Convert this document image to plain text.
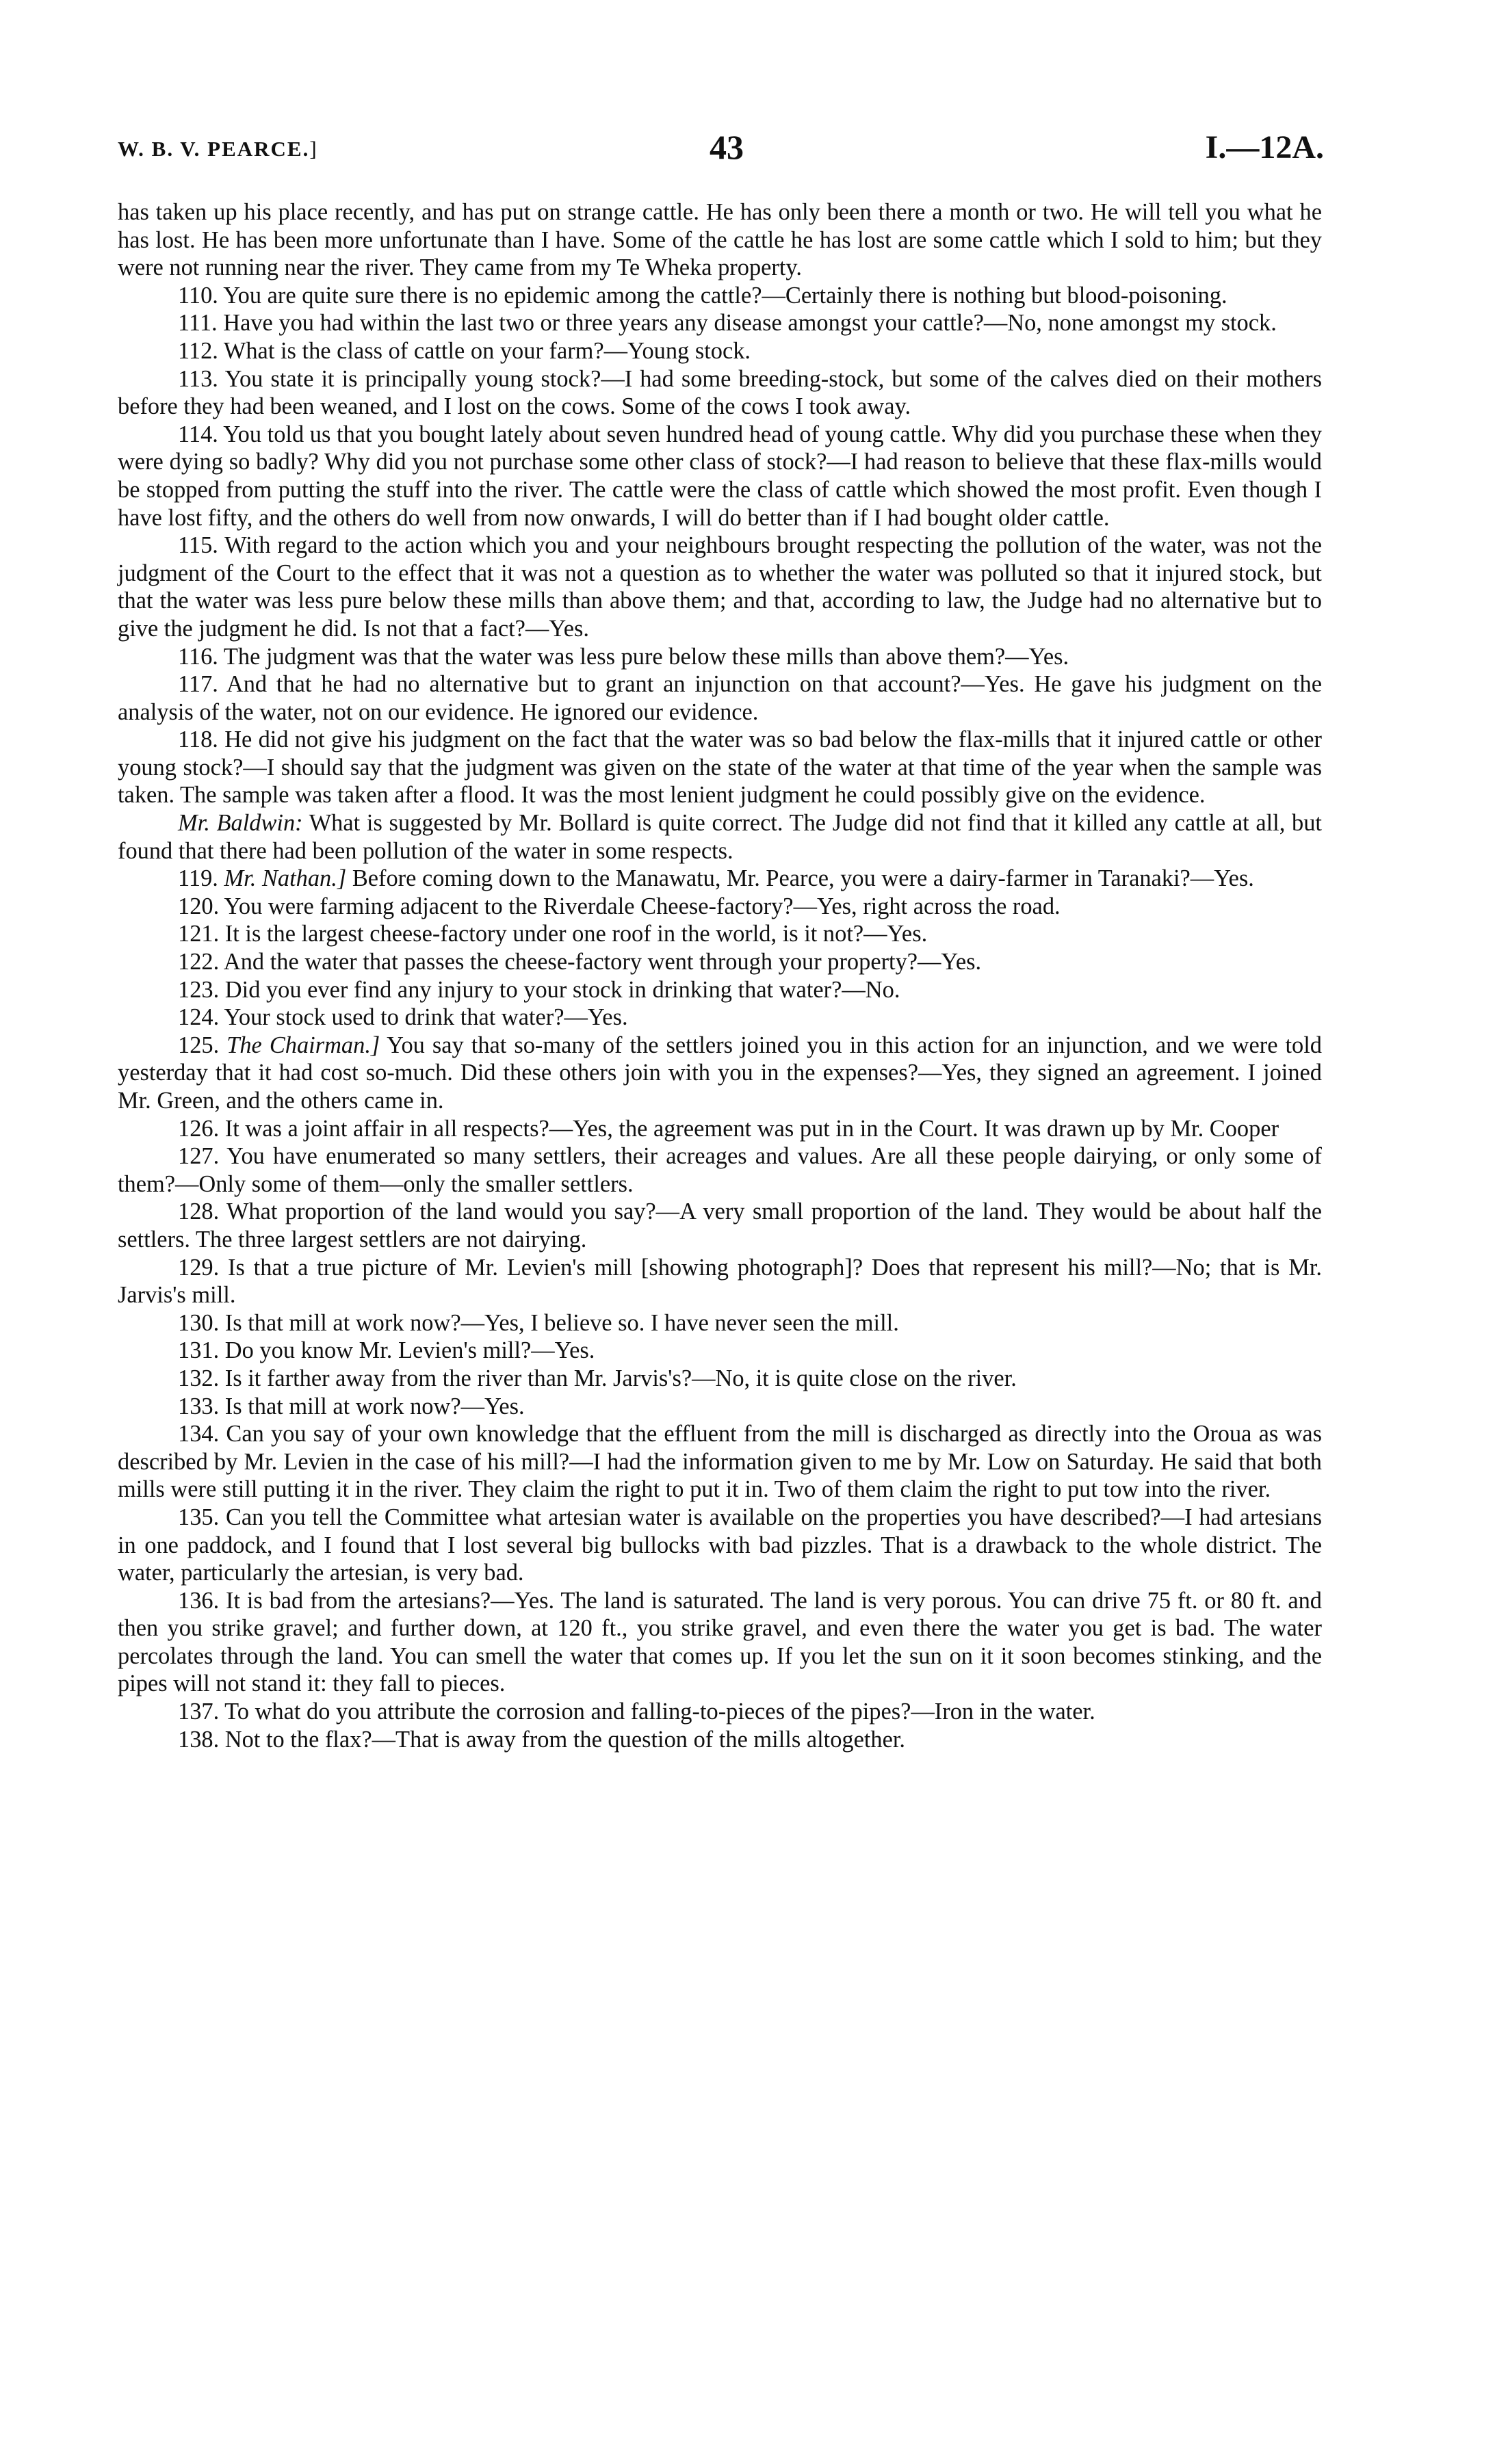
W. B. V. PEARCE.]	43	I.—12A.

has taken up his place recently, and has put on strange cattle. He has only been there a month or two. He will tell you what he has lost. He has been more unfortunate than I have. Some of the cattle he has lost are some cattle which I sold to him; but they were not running near the river. They came from my Te Wheka property.

110. You are quite sure there is no epidemic among the cattle?—Certainly there is nothing but blood-poisoning.

111. Have you had within the last two or three years any disease amongst your cattle?—No, none amongst my stock.

112. What is the class of cattle on your farm?—Young stock.

113. You state it is principally young stock?—I had some breeding-stock, but some of the calves died on their mothers before they had been weaned, and I lost on the cows. Some of the cows I took away.

114. You told us that you bought lately about seven hundred head of young cattle. Why did you purchase these when they were dying so badly? Why did you not purchase some other class of stock?—I had reason to believe that these flax-mills would be stopped from putting the stuff into the river. The cattle were the class of cattle which showed the most profit. Even though I have lost fifty, and the others do well from now onwards, I will do better than if I had bought older cattle.

115. With regard to the action which you and your neighbours brought respecting the pollution of the water, was not the judgment of the Court to the effect that it was not a question as to whether the water was polluted so that it injured stock, but that the water was less pure below these mills than above them; and that, according to law, the Judge had no alternative but to give the judgment he did. Is not that a fact?—Yes.

116. The judgment was that the water was less pure below these mills than above them?—Yes.

117. And that he had no alternative but to grant an injunction on that account?—Yes. He gave his judgment on the analysis of the water, not on our evidence. He ignored our evidence.

118. He did not give his judgment on the fact that the water was so bad below the flax-mills that it injured cattle or other young stock?—I should say that the judgment was given on the state of the water at that time of the year when the sample was taken. The sample was taken after a flood. It was the most lenient judgment he could possibly give on the evidence.

Mr. Baldwin: What is suggested by Mr. Bollard is quite correct. The Judge did not find that it killed any cattle at all, but found that there had been pollution of the water in some respects.

119. Mr. Nathan.] Before coming down to the Manawatu, Mr. Pearce, you were a dairy-farmer in Taranaki?—Yes.

120. You were farming adjacent to the Riverdale Cheese-factory?—Yes, right across the road.

121. It is the largest cheese-factory under one roof in the world, is it not?—Yes.

122. And the water that passes the cheese-factory went through your property?—Yes.

123. Did you ever find any injury to your stock in drinking that water?—No.

124. Your stock used to drink that water?—Yes.

125. The Chairman.] You say that so-many of the settlers joined you in this action for an injunction, and we were told yesterday that it had cost so-much. Did these others join with you in the expenses?—Yes, they signed an agreement. I joined Mr. Green, and the others came in.

126. It was a joint affair in all respects?—Yes, the agreement was put in in the Court. It was drawn up by Mr. Cooper

127. You have enumerated so many settlers, their acreages and values. Are all these people dairying, or only some of them?—Only some of them—only the smaller settlers.

128. What proportion of the land would you say?—A very small proportion of the land. They would be about half the settlers. The three largest settlers are not dairying.

129. Is that a true picture of Mr. Levien's mill [showing photograph]? Does that represent his mill?—No; that is Mr. Jarvis's mill.

130. Is that mill at work now?—Yes, I believe so. I have never seen the mill.

131. Do you know Mr. Levien's mill?—Yes.

132. Is it farther away from the river than Mr. Jarvis's?—No, it is quite close on the river.

133. Is that mill at work now?—Yes.

134. Can you say of your own knowledge that the effluent from the mill is discharged as directly into the Oroua as was described by Mr. Levien in the case of his mill?—I had the information given to me by Mr. Low on Saturday. He said that both mills were still putting it in the river. They claim the right to put it in. Two of them claim the right to put tow into the river.

135. Can you tell the Committee what artesian water is available on the properties you have described?—I had artesians in one paddock, and I found that I lost several big bullocks with bad pizzles. That is a drawback to the whole district. The water, particularly the artesian, is very bad.

136. It is bad from the artesians?—Yes. The land is saturated. The land is very porous. You can drive 75 ft. or 80 ft. and then you strike gravel; and further down, at 120 ft., you strike gravel, and even there the water you get is bad. The water percolates through the land. You can smell the water that comes up. If you let the sun on it it soon becomes stinking, and the pipes will not stand it: they fall to pieces.

137. To what do you attribute the corrosion and falling-to-pieces of the pipes?—Iron in the water.

138. Not to the flax?—That is away from the question of the mills altogether.
